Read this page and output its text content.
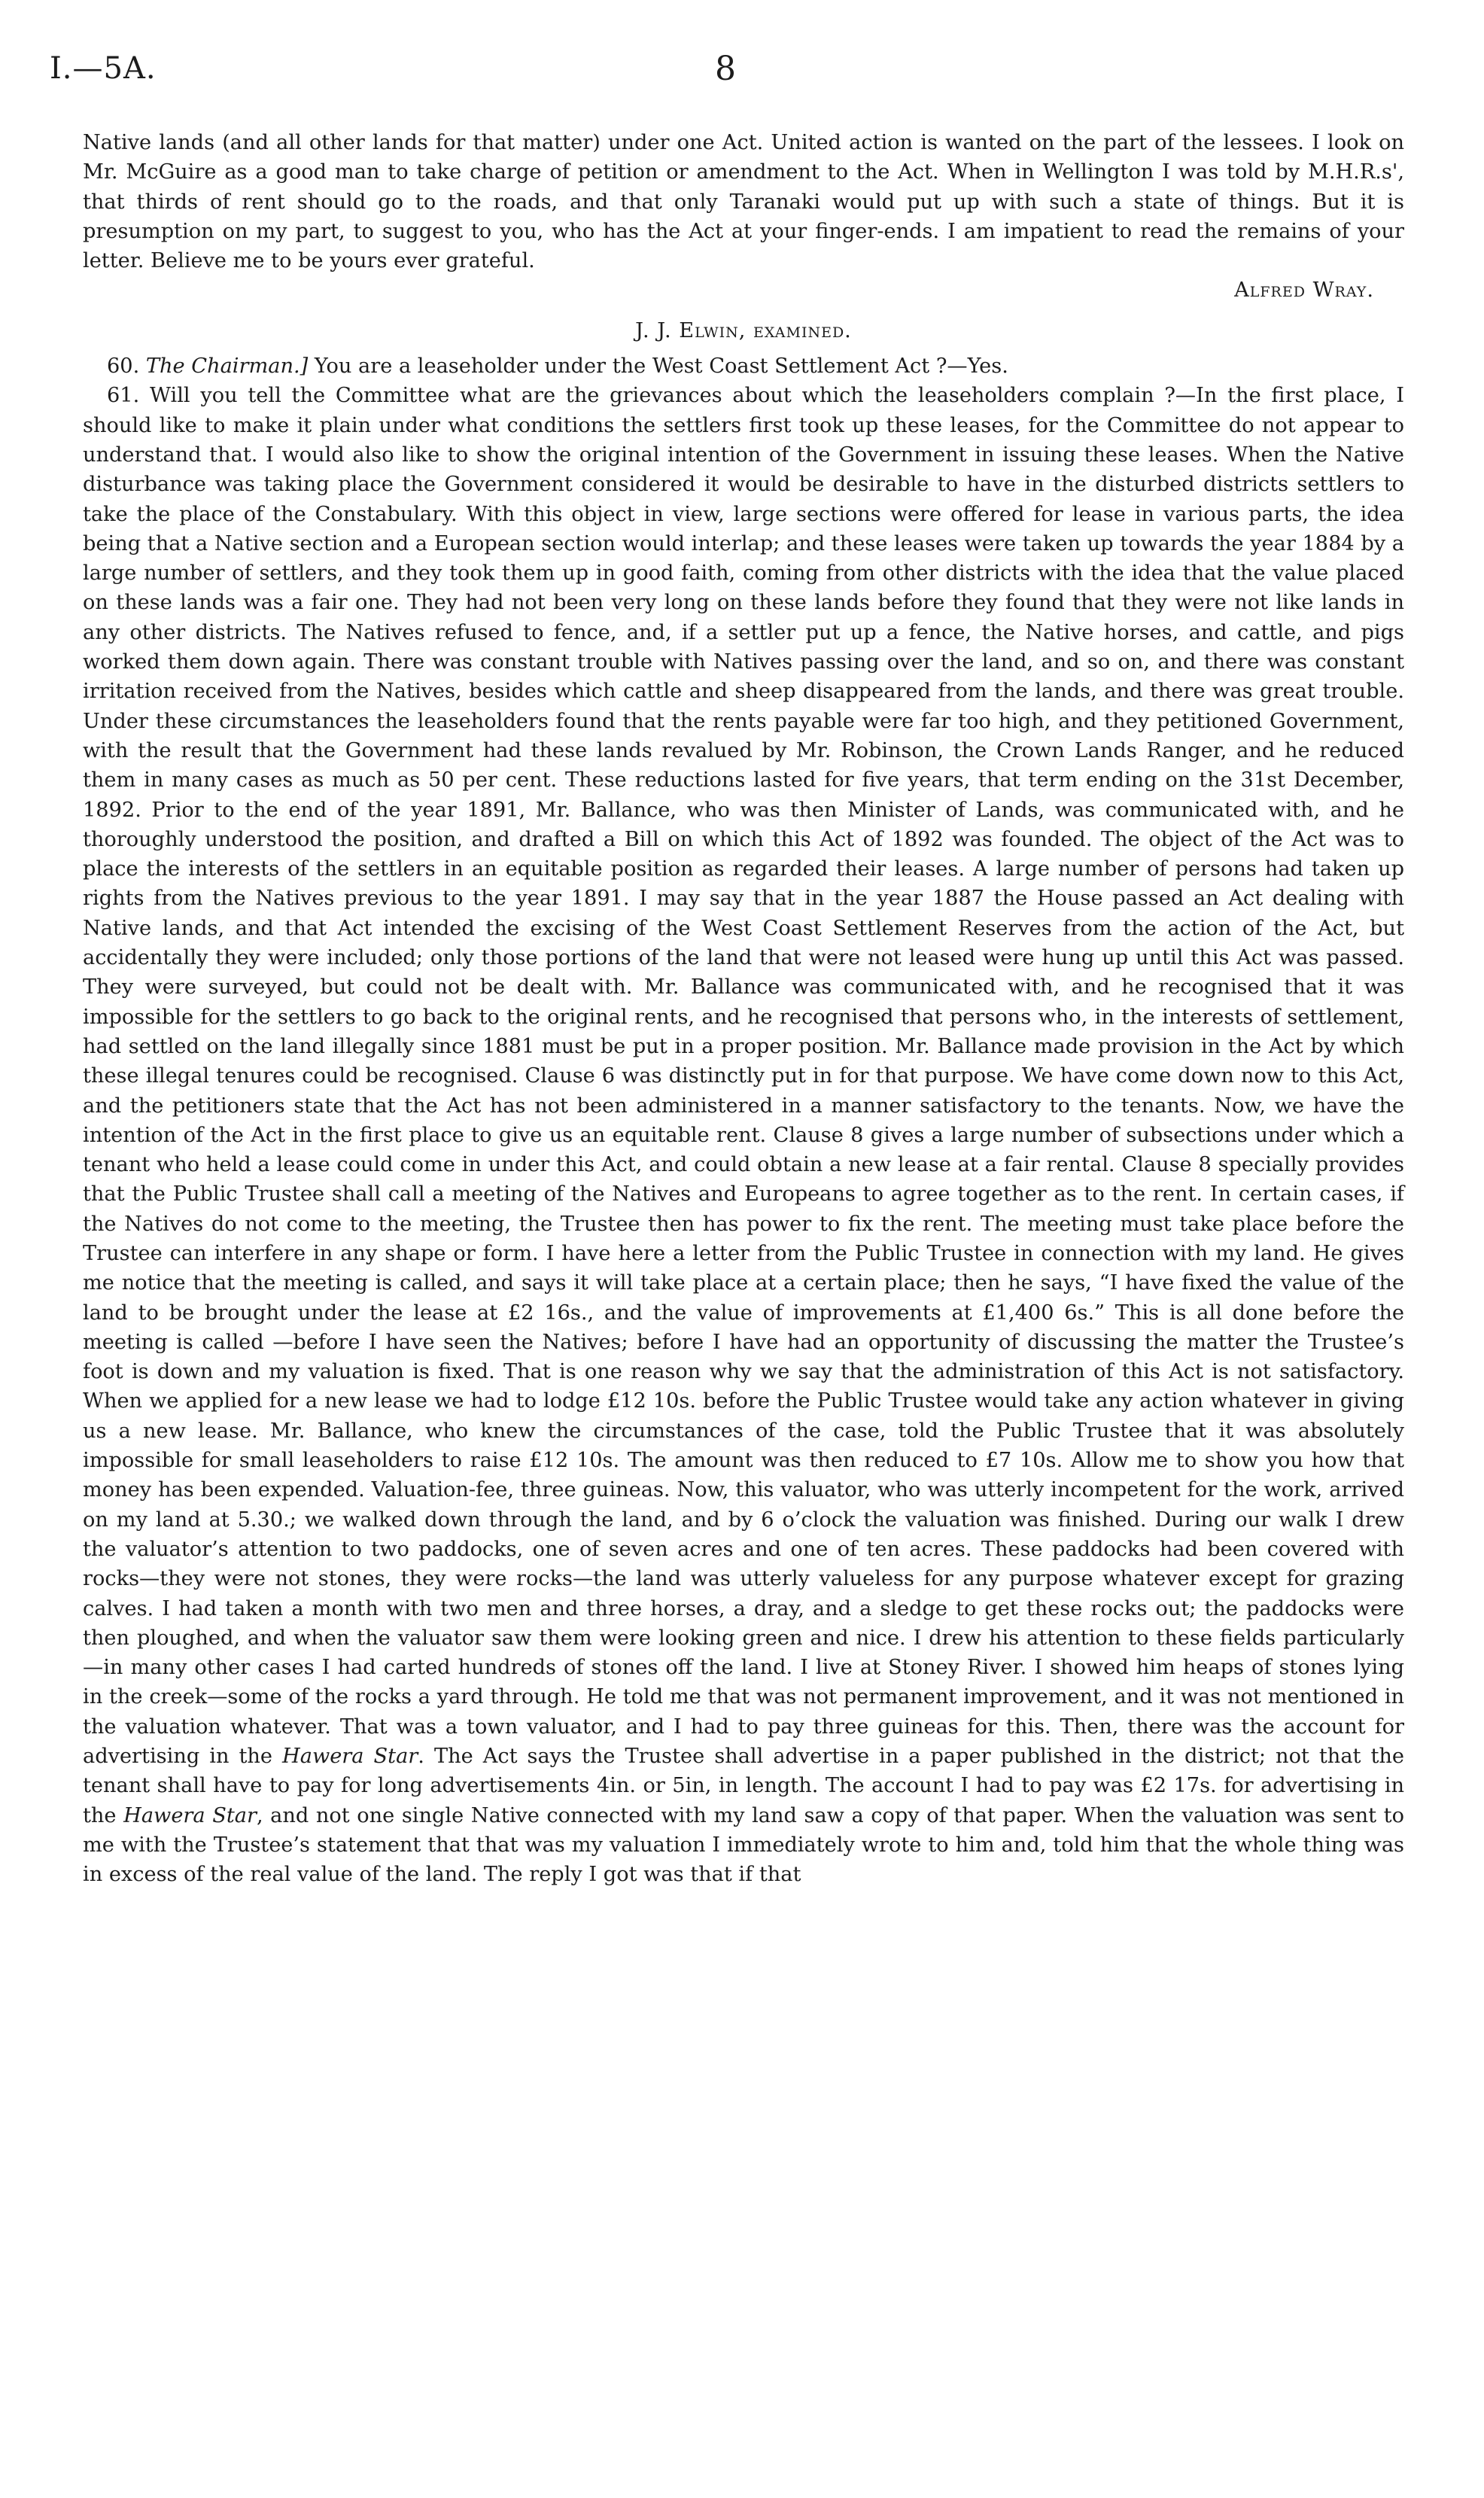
I.—5A.	8

Native lands (and all other lands for that matter) under one Act. United action is wanted on the part of the lessees. I look on Mr. McGuire as a good man to take charge of petition or amendment to the Act. When in Wellington I was told by M.H.R.s', that thirds of rent should go to the roads, and that only Taranaki would put up with such a state of things. But it is presumption on my part, to suggest to you, who has the Act at your finger-ends. I am impatient to read the remains of your letter. Believe me to be yours ever grateful.

Alfred Wray.
J. J. Elwin, examined.

60. The Chairman.] You are a leaseholder under the West Coast Settlement Act ?—Yes.

61. Will you tell the Committee what are the grievances about which the leaseholders complain ?—In the first place, I should like to make it plain under what conditions the settlers first took up these leases, for the Committee do not appear to understand that. I would also like to show the original intention of the Government in issuing these leases. When the Native disturbance was taking place the Government considered it would be desirable to have in the disturbed districts settlers to take the place of the Constabulary. With this object in view, large sections were offered for lease in various parts, the idea being that a Native section and a European section would interlap; and these leases were taken up towards the year 1884 by a large number of settlers, and they took them up in good faith, coming from other districts with the idea that the value placed on these lands was a fair one. They had not been very long on these lands before they found that they were not like lands in any other districts. The Natives refused to fence, and, if a settler put up a fence, the Native horses, and cattle, and pigs worked them down again. There was constant trouble with Natives passing over the land, and so on, and there was constant irritation received from the Natives, besides which cattle and sheep disappeared from the lands, and there was great trouble. Under these circumstances the leaseholders found that the rents payable were far too high, and they petitioned Government, with the result that the Government had these lands revalued by Mr. Robinson, the Crown Lands Ranger, and he reduced them in many cases as much as 50 per cent. These reductions lasted for five years, that term ending on the 31st December, 1892. Prior to the end of the year 1891, Mr. Ballance, who was then Minister of Lands, was communicated with, and he thoroughly understood the position, and drafted a Bill on which this Act of 1892 was founded. The object of the Act was to place the interests of the settlers in an equitable position as regarded their leases. A large number of persons had taken up rights from the Natives previous to the year 1891. I may say that in the year 1887 the House passed an Act dealing with Native lands, and that Act intended the excising of the West Coast Settlement Reserves from the action of the Act, but accidentally they were included; only those portions of the land that were not leased were hung up until this Act was passed. They were surveyed, but could not be dealt with. Mr. Ballance was communicated with, and he recognised that it was impossible for the settlers to go back to the original rents, and he recognised that persons who, in the interests of settlement, had settled on the land illegally since 1881 must be put in a proper position. Mr. Ballance made provision in the Act by which these illegal tenures could be recognised. Clause 6 was distinctly put in for that purpose. We have come down now to this Act, and the petitioners state that the Act has not been administered in a manner satisfactory to the tenants. Now, we have the intention of the Act in the first place to give us an equitable rent. Clause 8 gives a large number of subsections under which a tenant who held a lease could come in under this Act, and could obtain a new lease at a fair rental. Clause 8 specially provides that the Public Trustee shall call a meeting of the Natives and Europeans to agree together as to the rent. In certain cases, if the Natives do not come to the meeting, the Trustee then has power to fix the rent. The meeting must take place before the Trustee can interfere in any shape or form. I have here a letter from the Public Trustee in connection with my land. He gives me notice that the meeting is called, and says it will take place at a certain place; then he says, “I have fixed the value of the land to be brought under the lease at £2 16s., and the value of improvements at £1,400 6s.” This is all done before the meeting is called —before I have seen the Natives; before I have had an opportunity of discussing the matter the Trustee’s foot is down and my valuation is fixed. That is one reason why we say that the administration of this Act is not satisfactory. When we applied for a new lease we had to lodge £12 10s. before the Public Trustee would take any action whatever in giving us a new lease. Mr. Ballance, who knew the circumstances of the case, told the Public Trustee that it was absolutely impossible for small leaseholders to raise £12 10s. The amount was then reduced to £7 10s. Allow me to show you how that money has been expended. Valuation-fee, three guineas. Now, this valuator, who was utterly incompetent for the work, arrived on my land at 5.30.; we walked down through the land, and by 6 o’clock the valuation was finished. During our walk I drew the valuator’s attention to two paddocks, one of seven acres and one of ten acres. These paddocks had been covered with rocks—they were not stones, they were rocks—the land was utterly valueless for any purpose whatever except for grazing calves. I had taken a month with two men and three horses, a dray, and a sledge to get these rocks out; the paddocks were then ploughed, and when the valuator saw them were looking green and nice. I drew his attention to these fields particularly—in many other cases I had carted hundreds of stones off the land. I live at Stoney River. I showed him heaps of stones lying in the creek—some of the rocks a yard through. He told me that was not permanent improvement, and it was not mentioned in the valuation whatever. That was a town valuator, and I had to pay three guineas for this. Then, there was the account for advertising in the Hawera Star. The Act says the Trustee shall advertise in a paper published in the district; not that the tenant shall have to pay for long advertisements 4in. or 5in, in length. The account I had to pay was £2 17s. for advertising in the Hawera Star, and not one single Native connected with my land saw a copy of that paper. When the valuation was sent to me with the Trustee’s statement that that was my valuation I immediately wrote to him and, told him that the whole thing was in excess of the real value of the land. The reply I got was that if that
